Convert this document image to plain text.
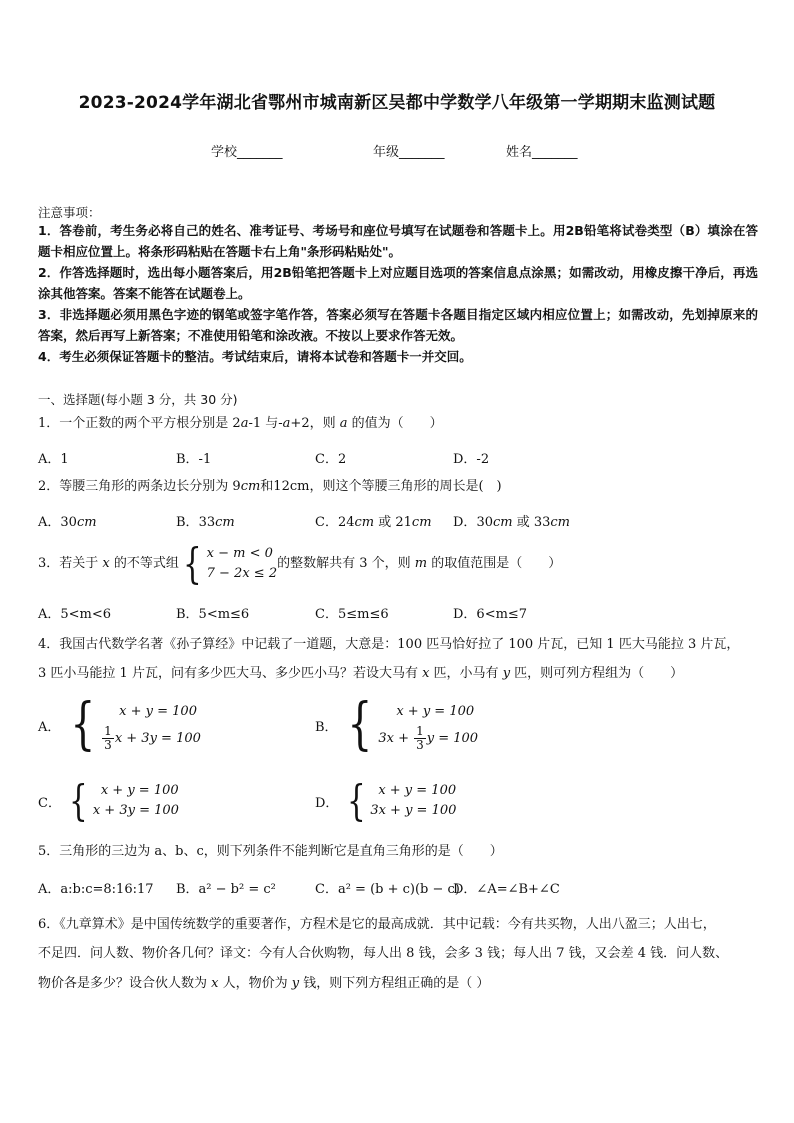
2023-2024学年湖北省鄂州市城南新区吴都中学数学八年级第一学期期末监测试题
学校_______	年级_______	姓名_______
注意事项：
1．答卷前，考生务必将自己的姓名、准考证号、考场号和座位号填写在试题卷和答题卡上。用2B铅笔将试卷类型（B）填涂在答题卡相应位置上。将条形码粘贴在答题卡右上角"条形码粘贴处"。
2．作答选择题时，选出每小题答案后，用2B铅笔把答题卡上对应题目选项的答案信息点涂黑；如需改动，用橡皮擦干净后，再选涂其他答案。答案不能答在试题卷上。
3．非选择题必须用黑色字迹的钢笔或签字笔作答，答案必须写在答题卡各题目指定区域内相应位置上；如需改动，先划掉原来的答案，然后再写上新答案；不准使用铅笔和涂改液。不按以上要求作答无效。
4．考生必须保证答题卡的整洁。考试结束后，请将本试卷和答题卡一并交回。
一、选择题(每小题 3 分，共 30 分)
1．一个正数的两个平方根分别是 2a-1 与-a+2，则 a 的值为（　　）
A．1	B．-1	C．2	D．-2
2．等腰三角形的两条边长分别为 9cm和12cm，则这个等腰三角形的周长是(　)
A．30cm	B．33cm	C．24cm 或 21cm D．30cm 或 33cm
3．若关于 x 的不等式组 { x − m < 0
7 − 2x ≤ 2
的整数解共有 3 个，则 m 的取值范围是（　　）
A．5<m<6	B．5<m≤6	C．5≤m≤6	D．6<m≤7
4．我国古代数学名著《孙子算经》中记载了一道题，大意是：100 匹马恰好拉了 100 片瓦，已知 1 匹大马能拉 3 片瓦，
3 匹小马能拉 1 片瓦，问有多少匹大马、多少匹小马？若设大马有 x 匹，小马有 y 匹，则可列方程组为（　　）
A． {	x + y = 100
$\frac{1}{3}$ x + 3y = 100
B． {	x + y = 100
$3x + \frac{1}{3}$ y = 100
C． {	x + y = 100
x + 3y = 100	D． {	x + y = 100
3x + y = 100
5．三角形的三边为 a、b、c，则下列条件不能判断它是直角三角形的是（　　）
A．a:b:c=8:16:17 B．a² − b² = c²	C．a² = (b + c)(b − c)
D．∠A=∠B+∠C
6．《九章算术》是中国传统数学的重要著作，方程术是它的最高成就．其中记载：今有共买物，人出八盈三；人出七，
不足四．问人数、物价各几何？译文：今有人合伙购物，每人出 8 钱，会多 3 钱；每人出 7 钱，又会差 4 钱．问人数、
物价各是多少？设合伙人数为 x 人，物价为 y 钱，则下列方程组正确的是（ ）
